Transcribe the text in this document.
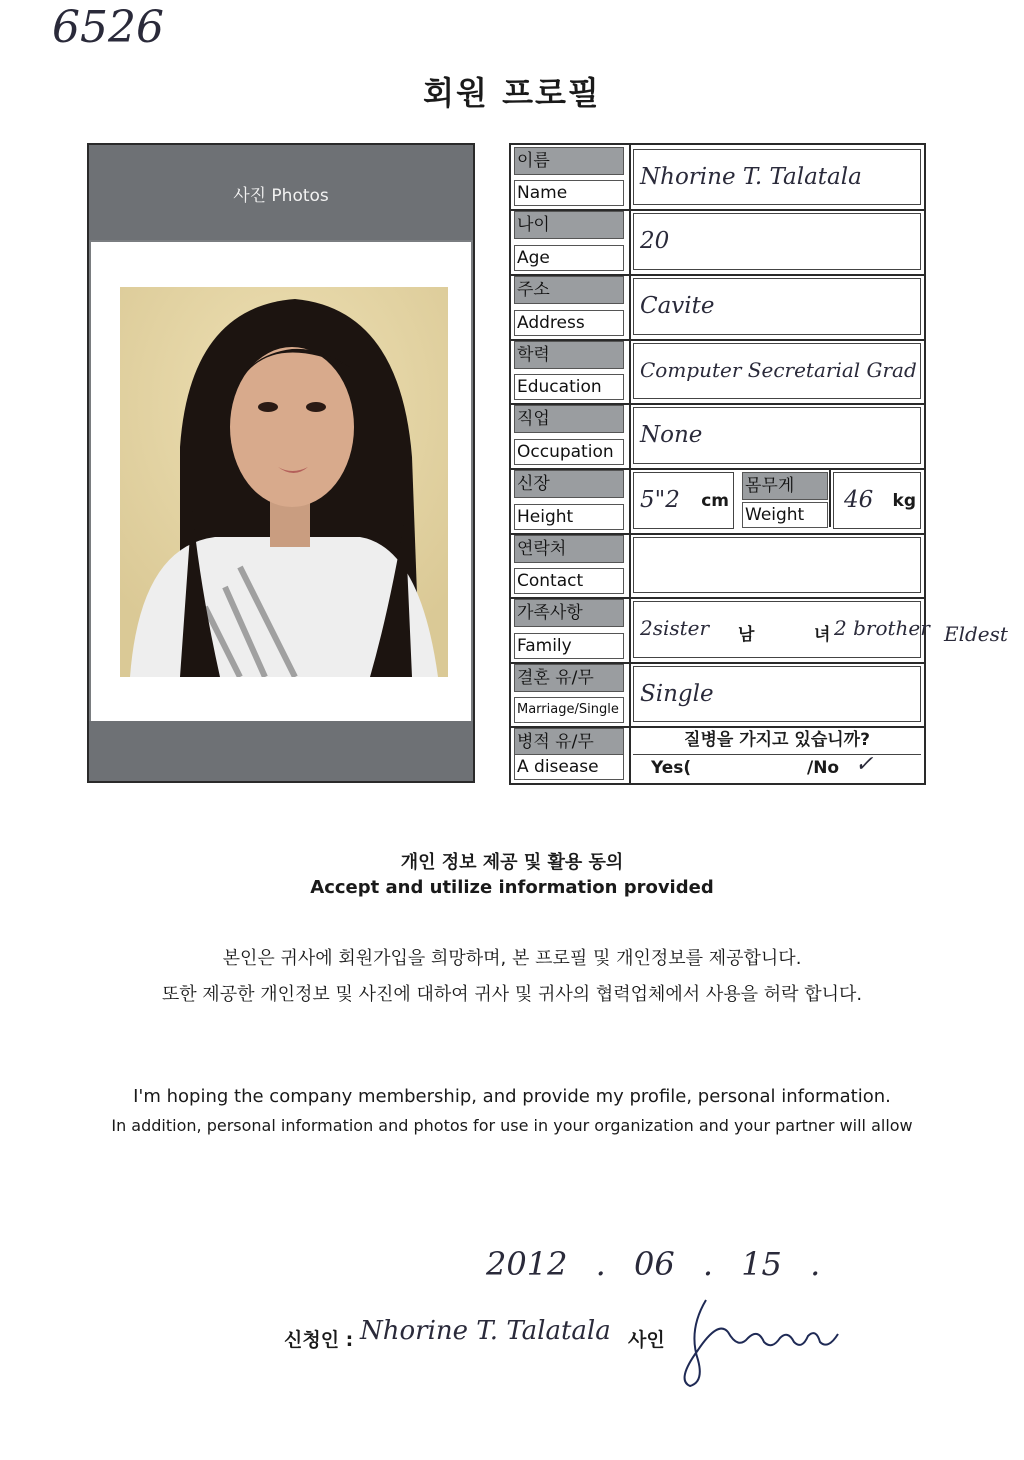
6526
회원 프로필
사진 Photos
이름
Name
Nhorine T. Talatala
나이
Age
20
주소
Address
Cavite
학력
Education
Computer Secretarial Grad
직업
Occupation
None
신장
Height
5"2 cm
몸무게
Weight
46 kg
연락처
Contact
가족사항
Family
2sister 남	녀 2 brother Eldest
결혼 유/무
Marriage/Single
Single
병적 유/무
A disease
질병을 가지고 있습니까?
Yes(	/No ✓
개인 정보 제공 및 활용 동의
Accept and utilize information provided
본인은 귀사에 회원가입을 희망하며, 본 프로필 및 개인정보를 제공합니다.
또한 제공한 개인정보 및 사진에 대하여 귀사 및 귀사의 협력업체에서 사용을 허락 합니다.
I'm hoping the company membership, and provide my profile, personal information.
In addition, personal information and photos for use in your organization and your partner will allow
2012 . 06 . 15 .
신청인 : Nhorine T. Talatala 사인
